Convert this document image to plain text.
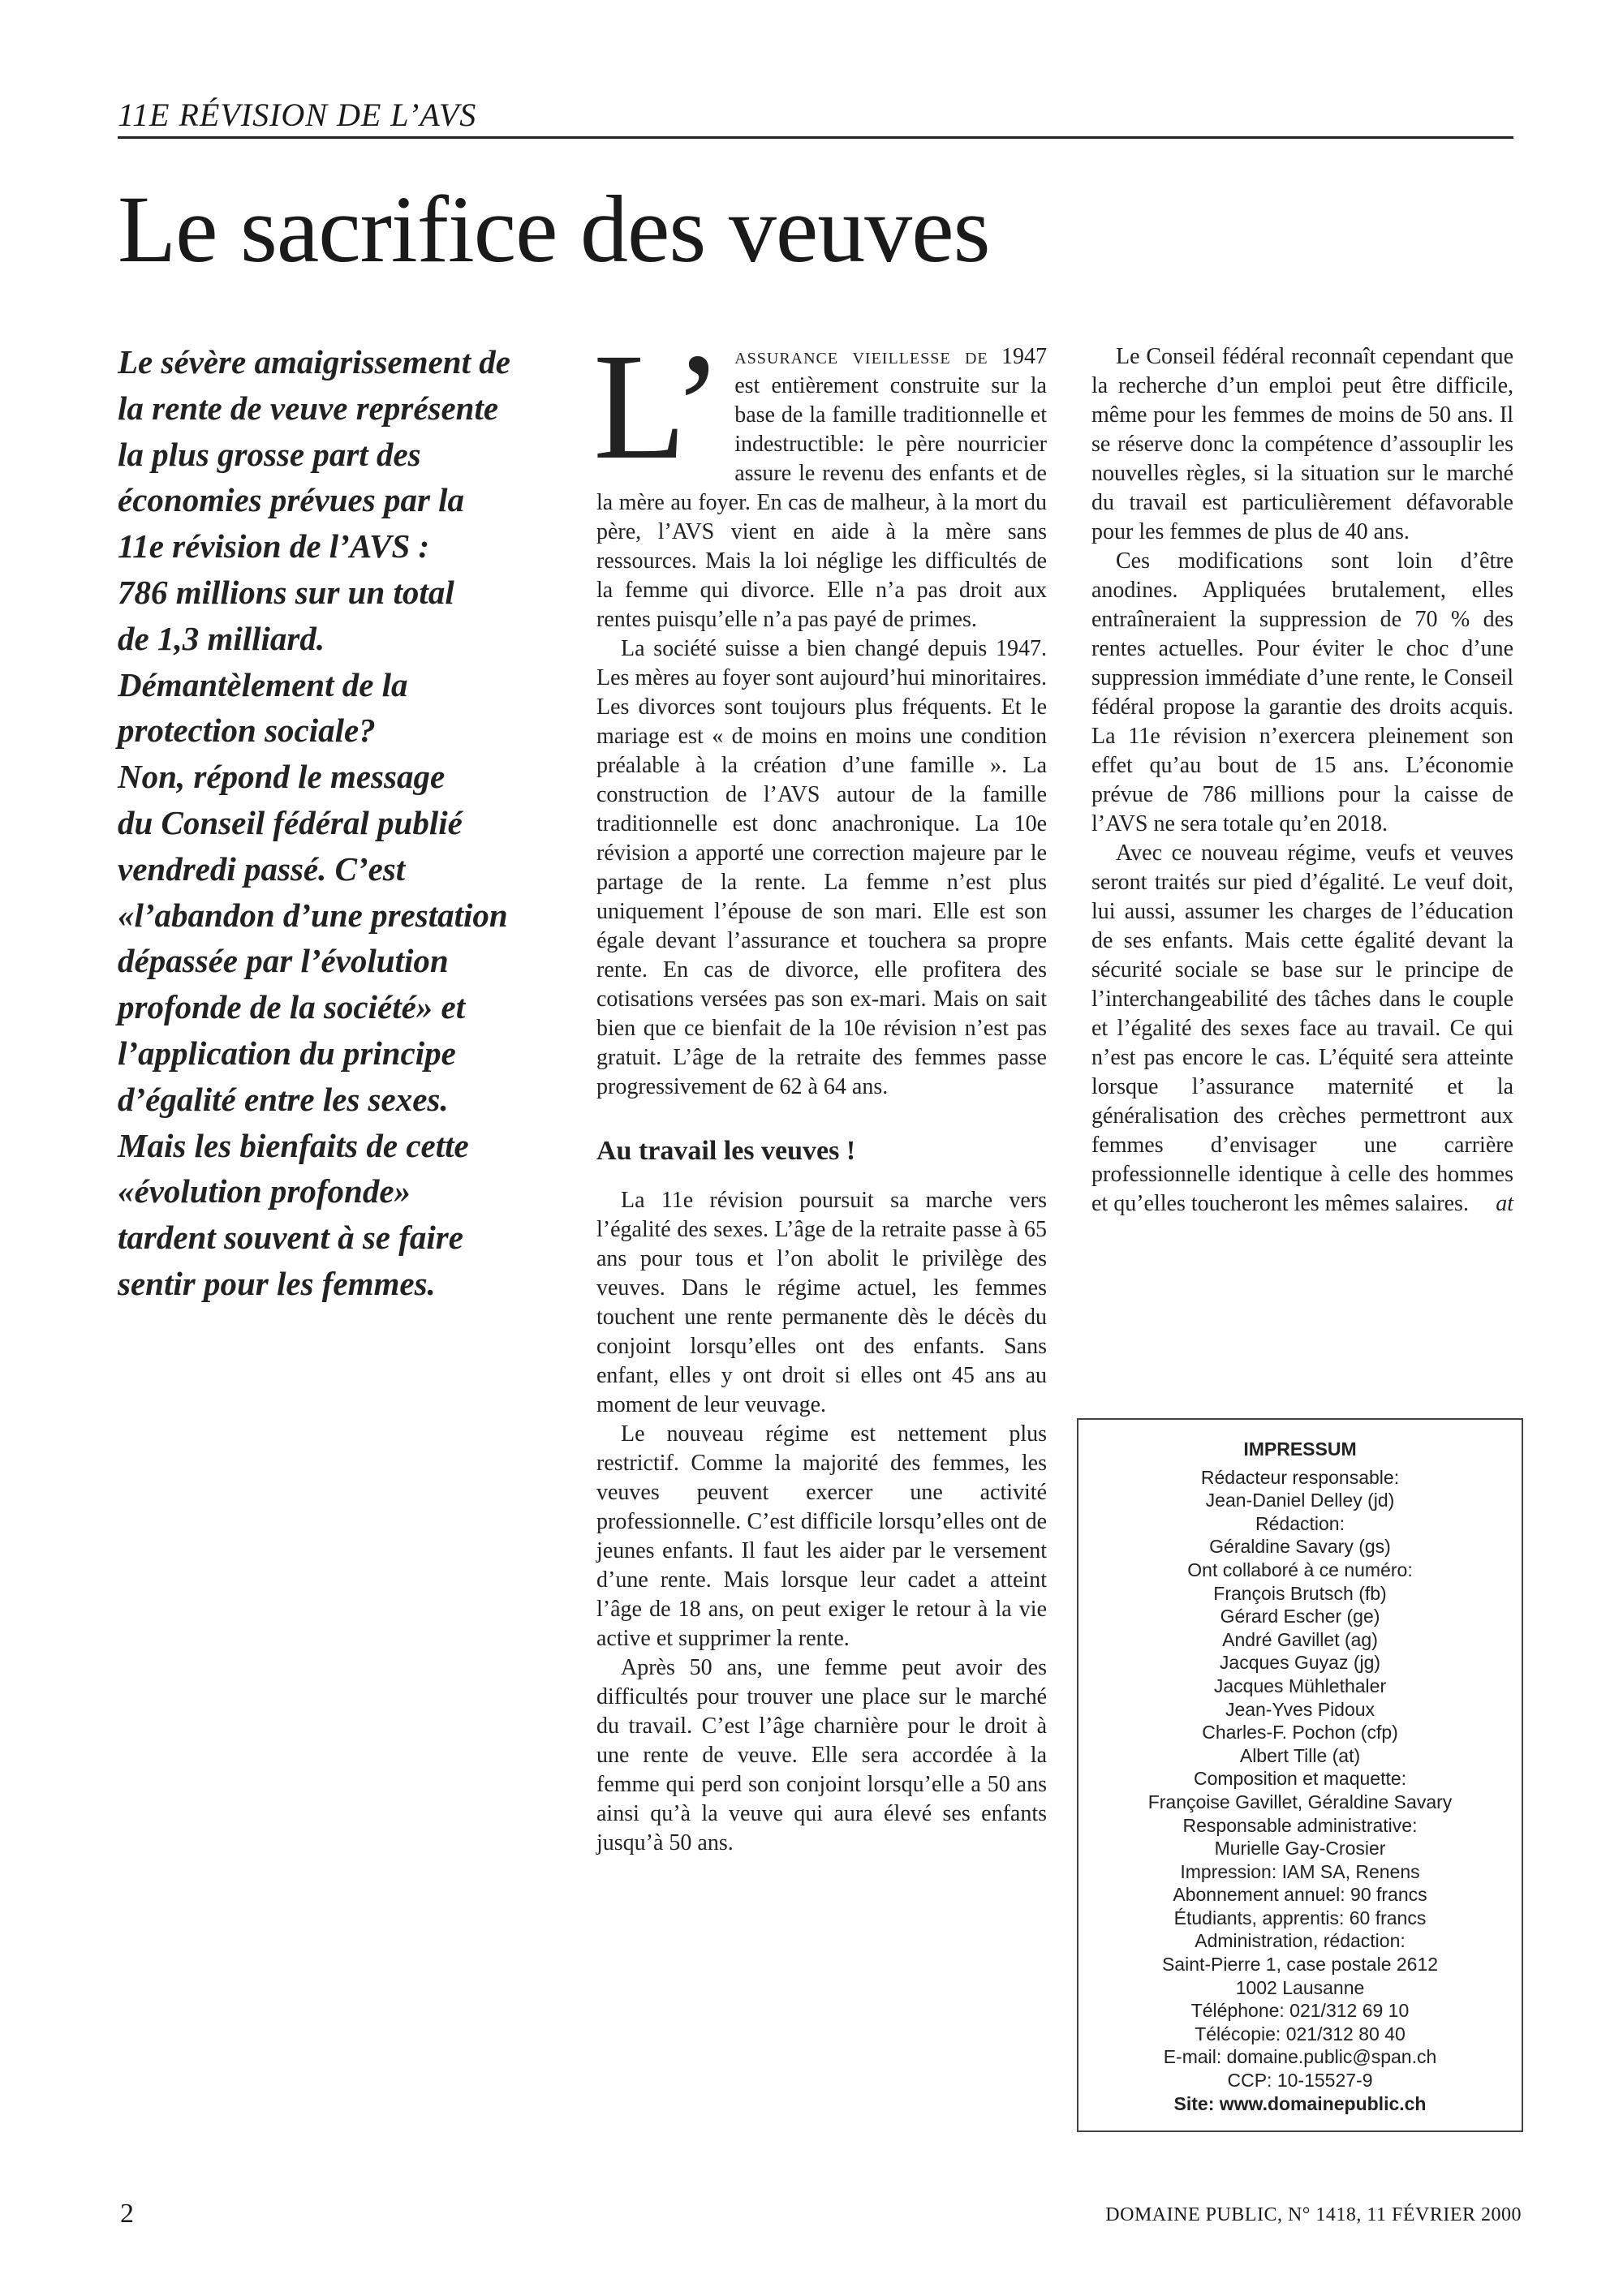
11E RÉVISION DE L’AVS
Le sacrifice des veuves
Le sévère amaigrissement de
la rente de veuve représente
la plus grosse part des
économies prévues par la
11e révision de l’AVS :
786 millions sur un total
de 1,3 milliard.
Démantèlement de la
protection sociale?
Non, répond le message
du Conseil fédéral publié
vendredi passé. C’est
«l’abandon d’une prestation
dépassée par l’évolution
profonde de la société» et
l’application du principe
d’égalité entre les sexes.
Mais les bienfaits de cette
«évolution profonde»
tardent souvent à se faire
sentir pour les femmes.

L’ assurance vieillesse de 1947 est entièrement construite sur la base de la famille traditionnelle et indestructible: le père nourricier assure le revenu des enfants et de la mère au foyer. En cas de malheur, à la mort du père, l’AVS vient en aide à la mère sans ressources. Mais la loi néglige les difficultés de la femme qui divorce. Elle n’a pas droit aux rentes puisqu’elle n’a pas payé de primes.

La société suisse a bien changé depuis 1947. Les mères au foyer sont aujourd’hui minoritaires. Les divorces sont toujours plus fréquents. Et le mariage est « de moins en moins une condition préalable à la création d’une famille ». La construction de l’AVS autour de la famille traditionnelle est donc anachronique. La 10e révision a apporté une correction majeure par le partage de la rente. La femme n’est plus uniquement l’épouse de son mari. Elle est son égale devant l’assurance et touchera sa propre rente. En cas de divorce, elle profitera des cotisations versées pas son ex-mari. Mais on sait bien que ce bienfait de la 10e révision n’est pas gratuit. L’âge de la retraite des femmes passe progressivement de 62 à 64 ans.

Au travail les veuves !

La 11e révision poursuit sa marche vers l’égalité des sexes. L’âge de la retraite passe à 65 ans pour tous et l’on abolit le privilège des veuves. Dans le régime actuel, les femmes touchent une rente permanente dès le décès du conjoint lorsqu’elles ont des enfants. Sans enfant, elles y ont droit si elles ont 45 ans au moment de leur veuvage.

Le nouveau régime est nettement plus restrictif. Comme la majorité des femmes, les veuves peuvent exercer une activité professionnelle. C’est difficile lorsqu’elles ont de jeunes enfants. Il faut les aider par le versement d’une rente. Mais lorsque leur cadet a atteint l’âge de 18 ans, on peut exiger le retour à la vie active et supprimer la rente.

Après 50 ans, une femme peut avoir des difficultés pour trouver une place sur le marché du travail. C’est l’âge charnière pour le droit à une rente de veuve. Elle sera accordée à la femme qui perd son conjoint lorsqu’elle a 50 ans ainsi qu’à la veuve qui aura élevé ses enfants jusqu’à 50 ans.

Le Conseil fédéral reconnaît cependant que la recherche d’un emploi peut être difficile, même pour les femmes de moins de 50 ans. Il se réserve donc la compétence d’assouplir les nouvelles règles, si la situation sur le marché du travail est particulièrement défavorable pour les femmes de plus de 40 ans.

Ces modifications sont loin d’être anodines. Appliquées brutalement, elles entraîneraient la suppression de 70 % des rentes actuelles. Pour éviter le choc d’une suppression immédiate d’une rente, le Conseil fédéral propose la garantie des droits acquis. La 11e révision n’exercera pleinement son effet qu’au bout de 15 ans. L’économie prévue de 786 millions pour la caisse de l’AVS ne sera totale qu’en 2018.

Avec ce nouveau régime, veufs et veuves seront traités sur pied d’égalité. Le veuf doit, lui aussi, assumer les charges de l’éducation de ses enfants. Mais cette égalité devant la sécurité sociale se base sur le principe de l’interchangeabilité des tâches dans le couple et l’égalité des sexes face au travail. Ce qui n’est pas encore le cas. L’équité sera atteinte lorsque l’assurance maternité et la généralisation des crèches permettront aux femmes d’envisager une carrière professionnelle identique à celle des hommes et qu’elles toucheront les mêmes salaires.	at

IMPRESSUM
Rédacteur responsable:
Jean-Daniel Delley (jd)
Rédaction:
Géraldine Savary (gs)
Ont collaboré à ce numéro:
François Brutsch (fb)
Gérard Escher (ge)
André Gavillet (ag)
Jacques Guyaz (jg)
Jacques Mühlethaler
Jean-Yves Pidoux
Charles-F. Pochon (cfp)
Albert Tille (at)
Composition et maquette:
Françoise Gavillet, Géraldine Savary
Responsable administrative:
Murielle Gay-Crosier
Impression: IAM SA, Renens
Abonnement annuel: 90 francs
Étudiants, apprentis: 60 francs
Administration, rédaction:
Saint-Pierre 1, case postale 2612
1002 Lausanne
Téléphone: 021/312 69 10
Télécopie: 021/312 80 40
E-mail: domaine.public@span.ch
CCP: 10-15527-9
Site: www.domainepublic.ch
2	DOMAINE PUBLIC, N° 1418, 11 FÉVRIER 2000
